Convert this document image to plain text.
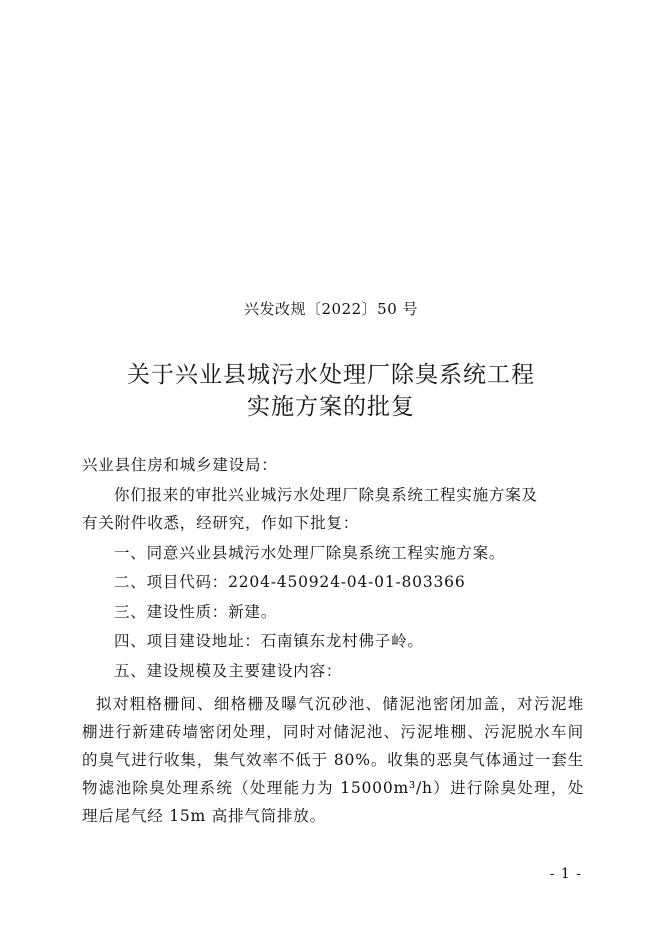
兴发改规〔2022〕50 号
关于兴业县城污水处理厂除臭系统工程
实施方案的批复
兴业县住房和城乡建设局：
你们报来的审批兴业城污水处理厂除臭系统工程实施方案及
有关附件收悉，经研究，作如下批复：
一、同意兴业县城污水处理厂除臭系统工程实施方案。
二、项目代码：2204-450924-04-01-803366
三、建设性质：新建。
四、项目建设地址：石南镇东龙村佛子岭。
五、建设规模及主要建设内容：
拟对粗格栅间、细格栅及曝气沉砂池、储泥池密闭加盖，对污泥堆棚进行新建砖墙密闭处理，同时对储泥池、污泥堆棚、污泥脱水车间的臭气进行收集，集气效率不低于 80%。收集的恶臭气体通过一套生物滤池除臭处理系统（处理能力为 15000m³/h）进行除臭处理，处理后尾气经 15m 高排气筒排放。
- 1 -
